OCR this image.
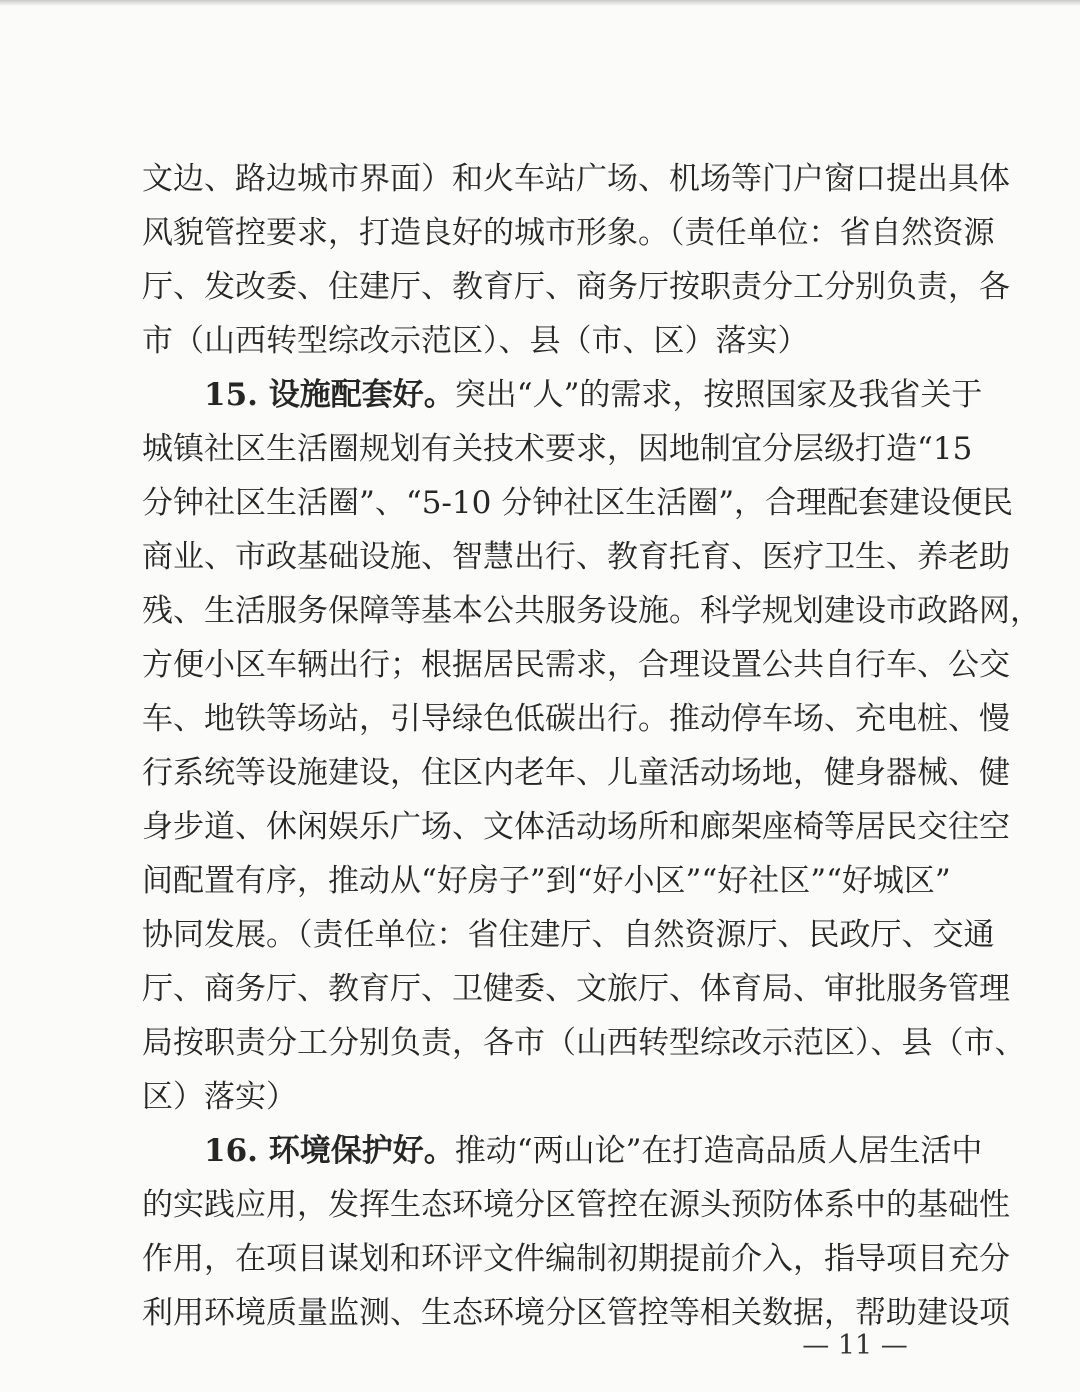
文边、路边城市界面）和火车站广场、机场等门户窗口提出具体
风貌管控要求，打造良好的城市形象。（责任单位：省自然资源
厅、发改委、住建厅、教育厅、商务厅按职责分工分别负责，各
市（山西转型综改示范区）、县（市、区）落实）
15. 设施配套好。突出“人”的需求，按照国家及我省关于
城镇社区生活圈规划有关技术要求，因地制宜分层级打造“15
分钟社区生活圈”、“5-10 分钟社区生活圈”，合理配套建设便民
商业、市政基础设施、智慧出行、教育托育、医疗卫生、养老助
残、生活服务保障等基本公共服务设施。科学规划建设市政路网，
方便小区车辆出行；根据居民需求，合理设置公共自行车、公交
车、地铁等场站，引导绿色低碳出行。推动停车场、充电桩、慢
行系统等设施建设，住区内老年、儿童活动场地，健身器械、健
身步道、休闲娱乐广场、文体活动场所和廊架座椅等居民交往空
间配置有序，推动从“好房子”到“好小区”“好社区”“好城区”
协同发展。（责任单位：省住建厅、自然资源厅、民政厅、交通
厅、商务厅、教育厅、卫健委、文旅厅、体育局、审批服务管理
局按职责分工分别负责，各市（山西转型综改示范区）、县（市、
区）落实）
16. 环境保护好。推动“两山论”在打造高品质人居生活中
的实践应用，发挥生态环境分区管控在源头预防体系中的基础性
作用，在项目谋划和环评文件编制初期提前介入，指导项目充分
利用环境质量监测、生态环境分区管控等相关数据，帮助建设项
— 11 —
